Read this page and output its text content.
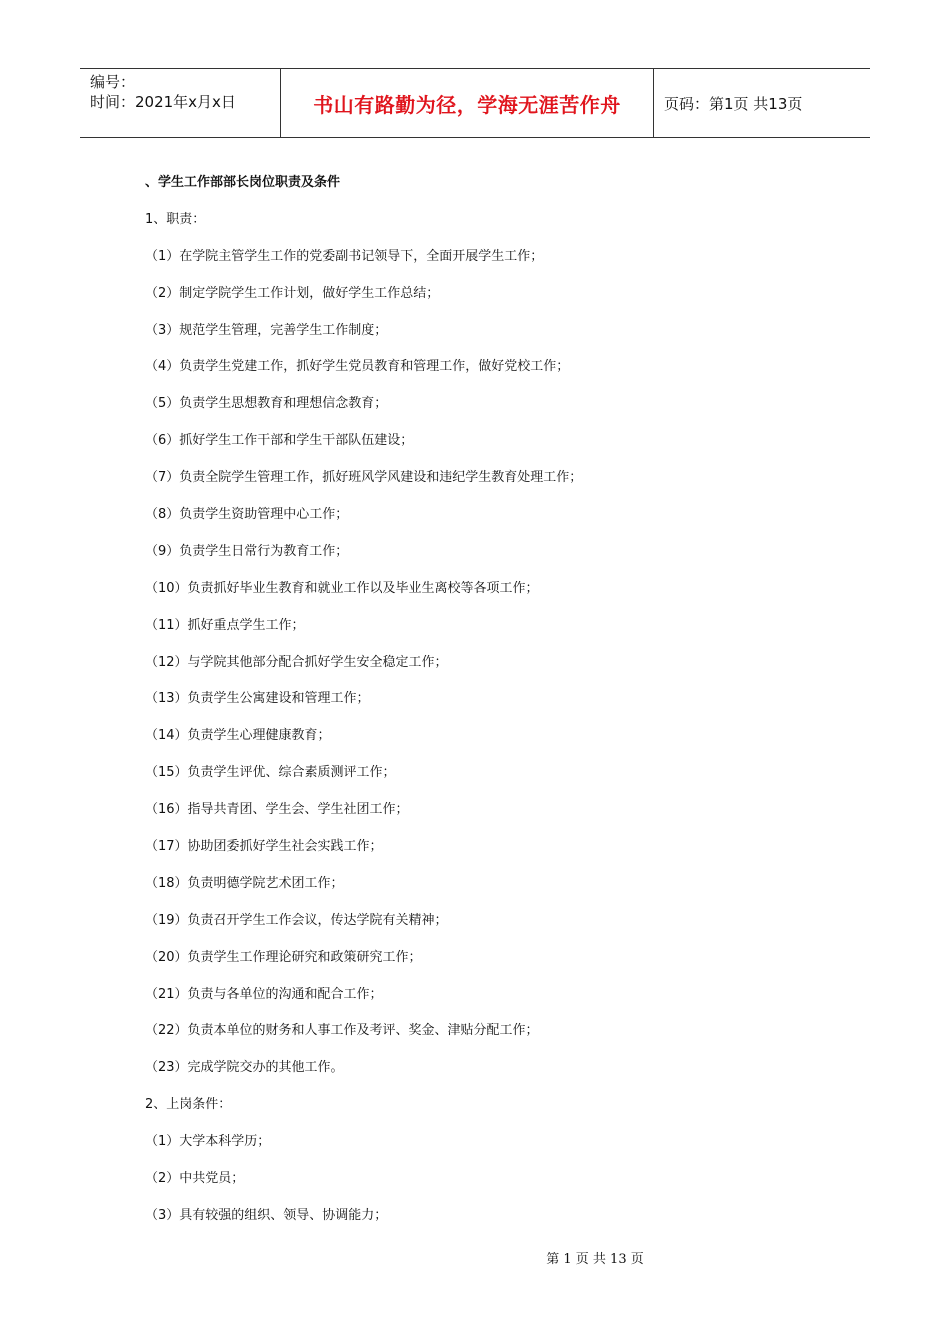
编号：
时间：2021年x月x日	书山有路勤为径，学海无涯苦作舟	页码：第1页 共13页
、学生工作部部长岗位职责及条件
1、职责：
（1）在学院主管学生工作的党委副书记领导下，全面开展学生工作；
（2）制定学院学生工作计划，做好学生工作总结；
（3）规范学生管理，完善学生工作制度；
（4）负责学生党建工作，抓好学生党员教育和管理工作，做好党校工作；
（5）负责学生思想教育和理想信念教育；
（6）抓好学生工作干部和学生干部队伍建设；
（7）负责全院学生管理工作，抓好班风学风建设和违纪学生教育处理工作；
（8）负责学生资助管理中心工作；
（9）负责学生日常行为教育工作；
（10）负责抓好毕业生教育和就业工作以及毕业生离校等各项工作；
（11）抓好重点学生工作；
（12）与学院其他部分配合抓好学生安全稳定工作；
（13）负责学生公寓建设和管理工作；
（14）负责学生心理健康教育；
（15）负责学生评优、综合素质测评工作；
（16）指导共青团、学生会、学生社团工作；
（17）协助团委抓好学生社会实践工作；
（18）负责明德学院艺术团工作；
（19）负责召开学生工作会议，传达学院有关精神；
（20）负责学生工作理论研究和政策研究工作；
（21）负责与各单位的沟通和配合工作；
（22）负责本单位的财务和人事工作及考评、奖金、津贴分配工作；
（23）完成学院交办的其他工作。
2、上岗条件：
（1）大学本科学历；
（2）中共党员；
（3）具有较强的组织、领导、协调能力；
第 1 页 共 13 页
